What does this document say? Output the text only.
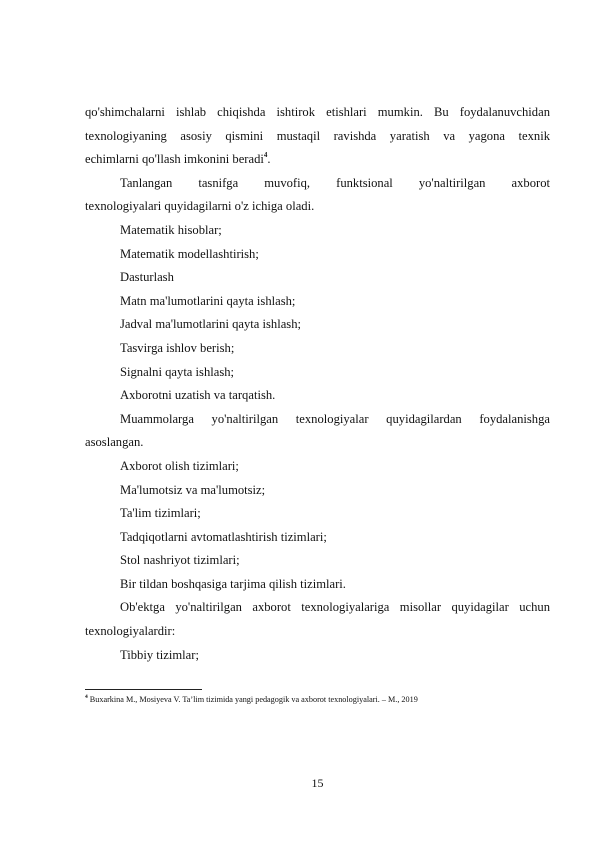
qo'shimchalarni ishlab chiqishda ishtirok etishlari mumkin. Bu foydalanuvchidan

texnologiyaning asosiy qismini mustaqil ravishda yaratish va yagona texnik

echimlarni qo'llash imkonini beradi$^4$.

Tanlangan tasnifga muvofiq, funktsional yo'naltirilgan axborot

texnologiyalari quyidagilarni o'z ichiga oladi.

Matematik hisoblar;

Matematik modellashtirish;

Dasturlash

Matn ma'lumotlarini qayta ishlash;

Jadval ma'lumotlarini qayta ishlash;

Tasvirga ishlov berish;

Signalni qayta ishlash;

Axborotni uzatish va tarqatish.

Muammolarga yo'naltirilgan texnologiyalar quyidagilardan foydalanishga

asoslangan.

Axborot olish tizimlari;

Ma'lumotsiz va ma'lumotsiz;

Ta'lim tizimlari;

Tadqiqotlarni avtomatlashtirish tizimlari;

Stol nashriyot tizimlari;

Bir tildan boshqasiga tarjima qilish tizimlari.

Ob'ektga yo'naltirilgan axborot texnologiyalariga misollar quyidagilar uchun

texnologiyalardir:

Tibbiy tizimlar;

$^4$ Buxarkina M., Mosiyeva V. Ta’lim tizimida yangi pedagogik va axborot texnologiyalari. – M., 2019
15
